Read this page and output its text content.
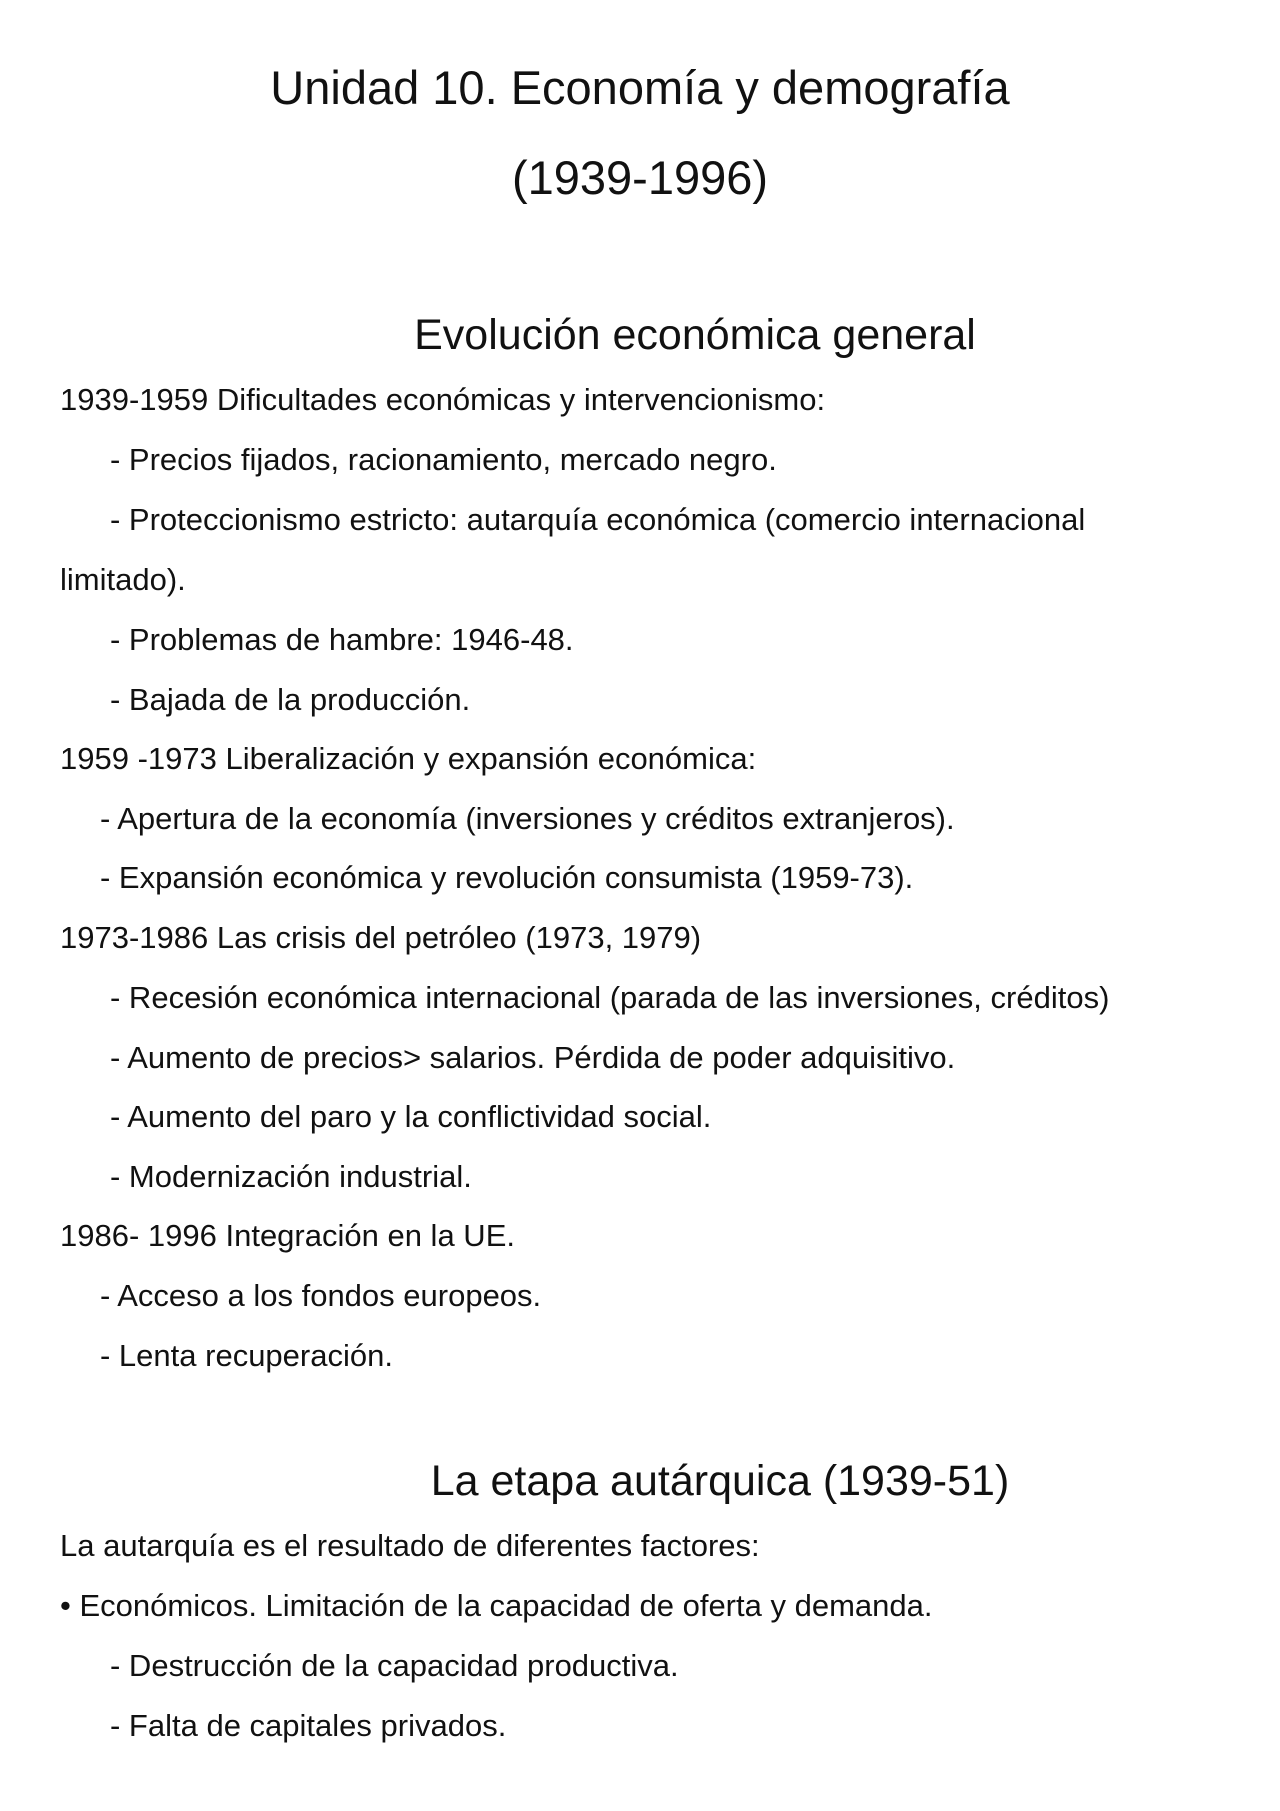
Unidad 10. Economía y demografía
(1939-1996)
Evolución económica general
1939-1959 Dificultades económicas y intervencionismo:
- Precios fijados, racionamiento, mercado negro.
- Proteccionismo estricto: autarquía económica (comercio internacional
limitado).
- Problemas de hambre: 1946-48.
- Bajada de la producción.
1959 -1973 Liberalización y expansión económica:
- Apertura de la economía (inversiones y créditos extranjeros).
- Expansión económica y revolución consumista (1959-73).
1973-1986 Las crisis del petróleo (1973, 1979)
- Recesión económica internacional (parada de las inversiones, créditos)
- Aumento de precios> salarios. Pérdida de poder adquisitivo.
- Aumento del paro y la conflictividad social.
- Modernización industrial.
1986- 1996 Integración en la UE.
- Acceso a los fondos europeos.
- Lenta recuperación.
La etapa autárquica (1939-51)
La autarquía es el resultado de diferentes factores:
• Económicos. Limitación de la capacidad de oferta y demanda.
- Destrucción de la capacidad productiva.
- Falta de capitales privados.
